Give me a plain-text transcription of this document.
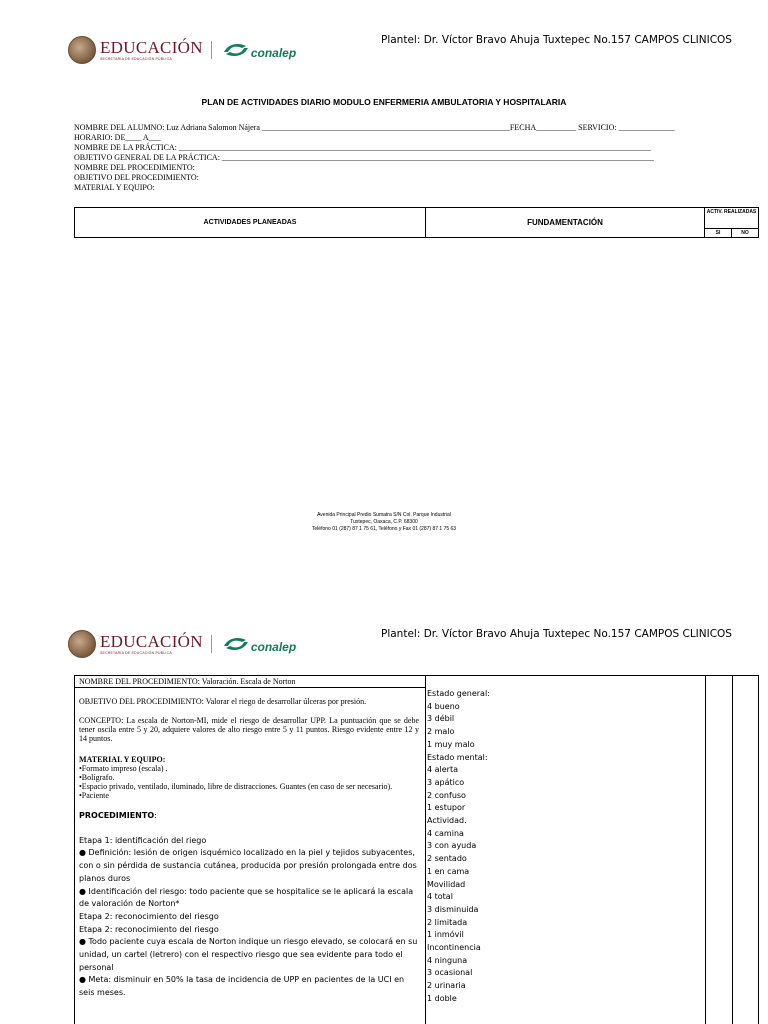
EDUCACIÓN
SECRETARÍA DE EDUCACIÓN PÚBLICA	conalep
Plantel: Dr. Víctor Bravo Ahuja Tuxtepec No.157 CAMPOS CLINICOS
PLAN DE ACTIVIDADES DIARIO MODULO ENFERMERIA AMBULATORIA Y HOSPITALARIA
NOMBRE DEL ALUMNO: Luz Adriana Salomon Nájera ______________________________________________________________FECHA__________ SERVICIO: ______________
HORARIO: DE____ A___
NOMBRE DE LA PRÁCTICA: ______________________________________________________________________________________________________________________
OBJETIVO GENERAL DE LA PRÁCTICA: ____________________________________________________________________________________________________________
NOMBRE DEL PROCEDIMIENTO:
OBJETIVO DEL PROCEDIMIENTO:
MATERIAL Y EQUIPO:
ACTIVIDADES PLANEADAS	FUNDAMENTACIÓN
ACTIV. REALIZADAS
SI	NO
Avenida Principal Predio Sumatra S/N Col. Parque Industrial
Tuxtepec, Oaxaca, C.P. 68300
Teléfono 01 (287) 87 1 75 61, Teléfono y Fax 01 (287) 87 1 75 63
EDUCACIÓN
SECRETARÍA DE EDUCACIÓN PÚBLICA	conalep
Plantel: Dr. Víctor Bravo Ahuja Tuxtepec No.157 CAMPOS CLINICOS
NOMBRE DEL PROCEDIMIENTO: Valoración. Escala de Norton
OBJETIVO DEL PROCEDIMIENTO: Valorar el riego de desarrollar úlceras por presión.
CONCEPTO: La escala de Norton-MI, mide el riesgo de desarrollar UPP. La puntuación que se debe tener oscila entre 5 y 20, adquiere valores de alto riesgo entre 5 y 11 puntos. Riesgo evidente entre 12 y 14 puntos.
MATERIAL Y EQUIPO:
•Formato impreso (escala) .
•Bolígrafo.
•Espacio privado, ventilado, iluminado, libre de distracciones. Guantes (en caso de ser necesario).
•Paciente
PROCEDIMIENTO:
Etapa 1: identificación del riego
● Definición: lesión de origen isquémico localizado en la piel y tejidos subyacentes, con o sin pérdida de sustancia cutánea, producida por presión prolongada entre dos planos duros
● Identificación del riesgo: todo paciente que se hospitalice se le aplicará la escala de valoración de Norton*
Etapa 2: reconocimiento del riesgo
Etapa 2: reconocimiento del riesgo
● Todo paciente cuya escala de Norton indique un riesgo elevado, se colocará en su unidad, un cartel (letrero) con el respectivo riesgo que sea evidente para todo el personal
● Meta: disminuir en 50% la tasa de incidencia de UPP en pacientes de la UCI en seis meses.
Estado general:
4 bueno
3 débil
2 malo
1 muy malo
Estado mental:
4 alerta
3 apático
2 confuso
1 estupor
Actividad.
4 camina
3 con ayuda
2 sentado
1 en cama
Movilidad
4 total
3 disminuida
2 limitada
1 inmóvil
Incontinencia
4 ninguna
3 ocasional
2 urinaria
1 doble
